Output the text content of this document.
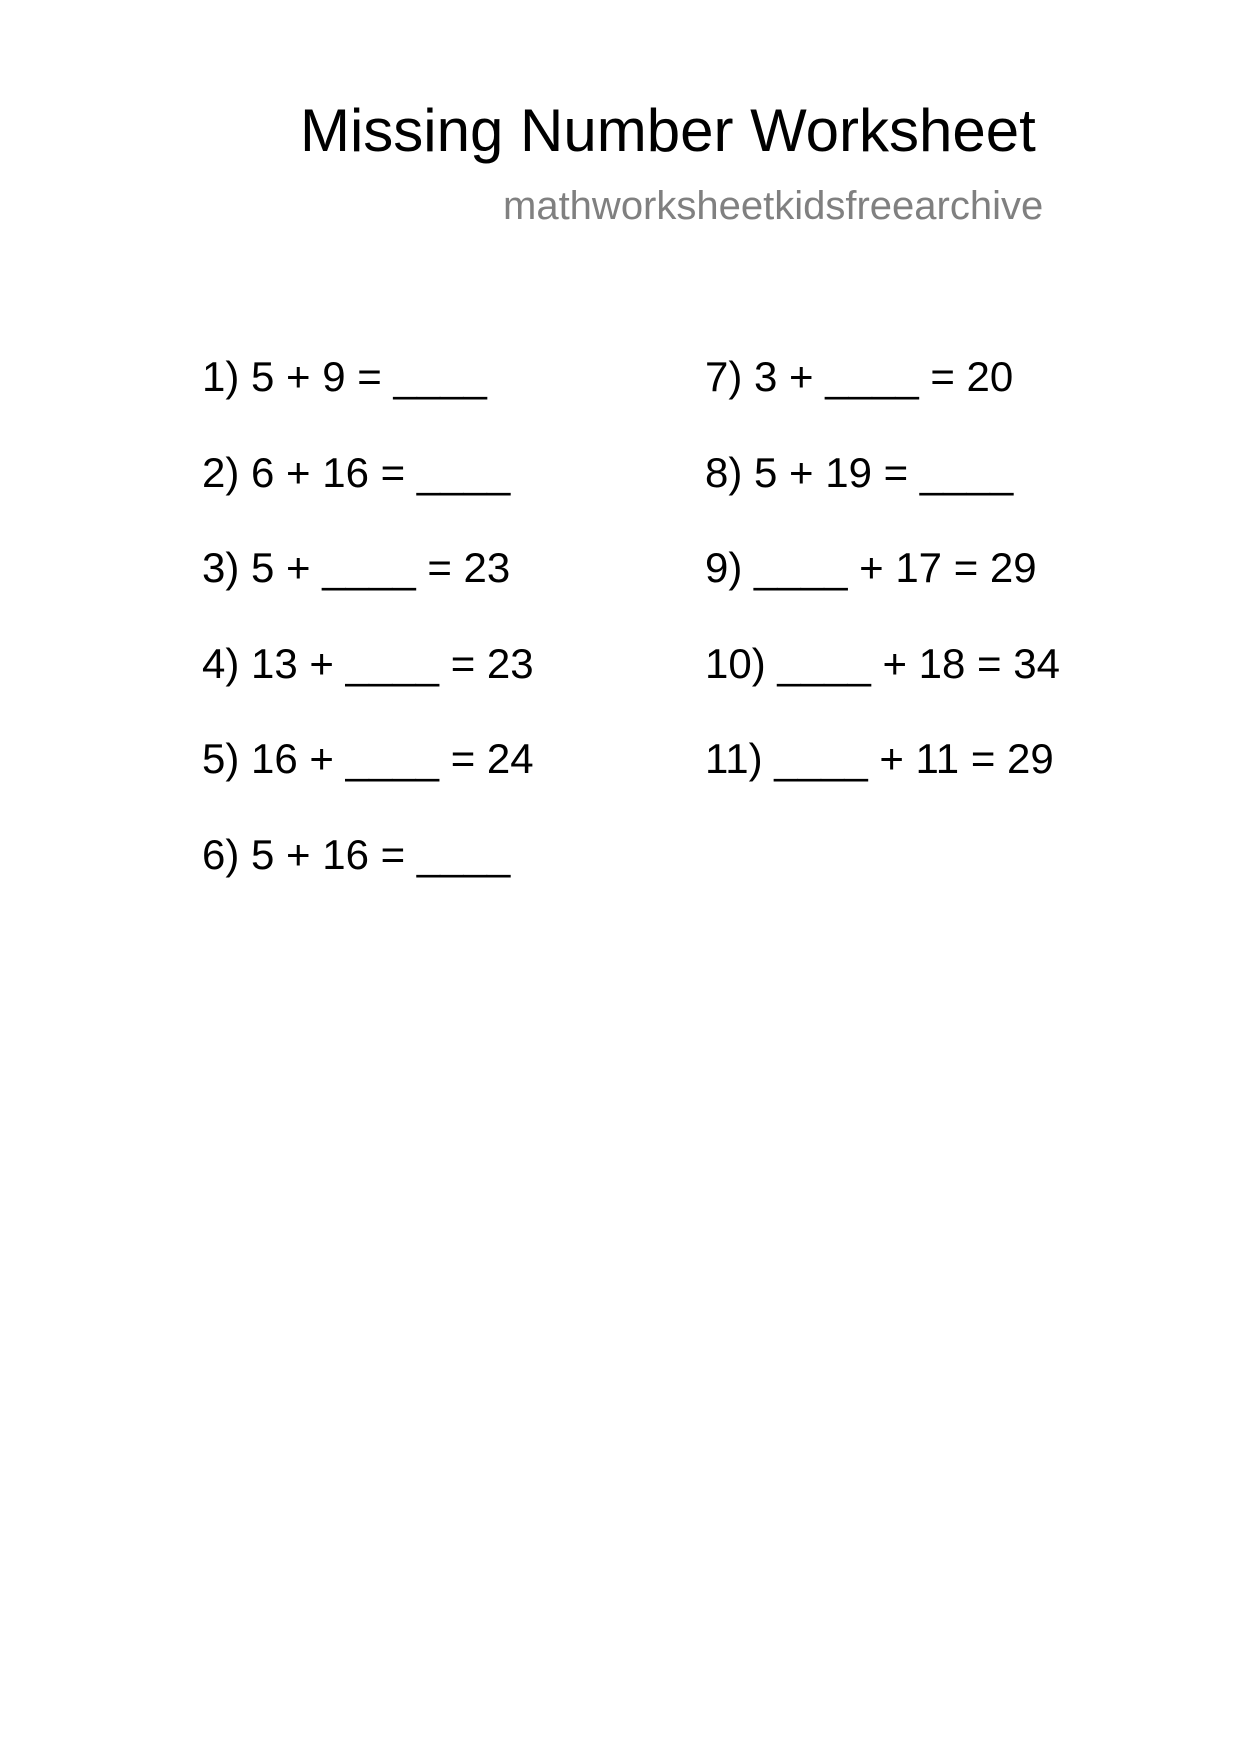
Missing Number Worksheet
mathworksheetkidsfreearchive
1) 5 + 9 = ____
2) 6 + 16 = ____
3) 5 + ____ = 23
4) 13 + ____ = 23
5) 16 + ____ = 24
6) 5 + 16 = ____
7) 3 + ____ = 20
8) 5 + 19 = ____
9) ____ + 17 = 29
10) ____ + 18 = 34
11) ____ + 11 = 29
